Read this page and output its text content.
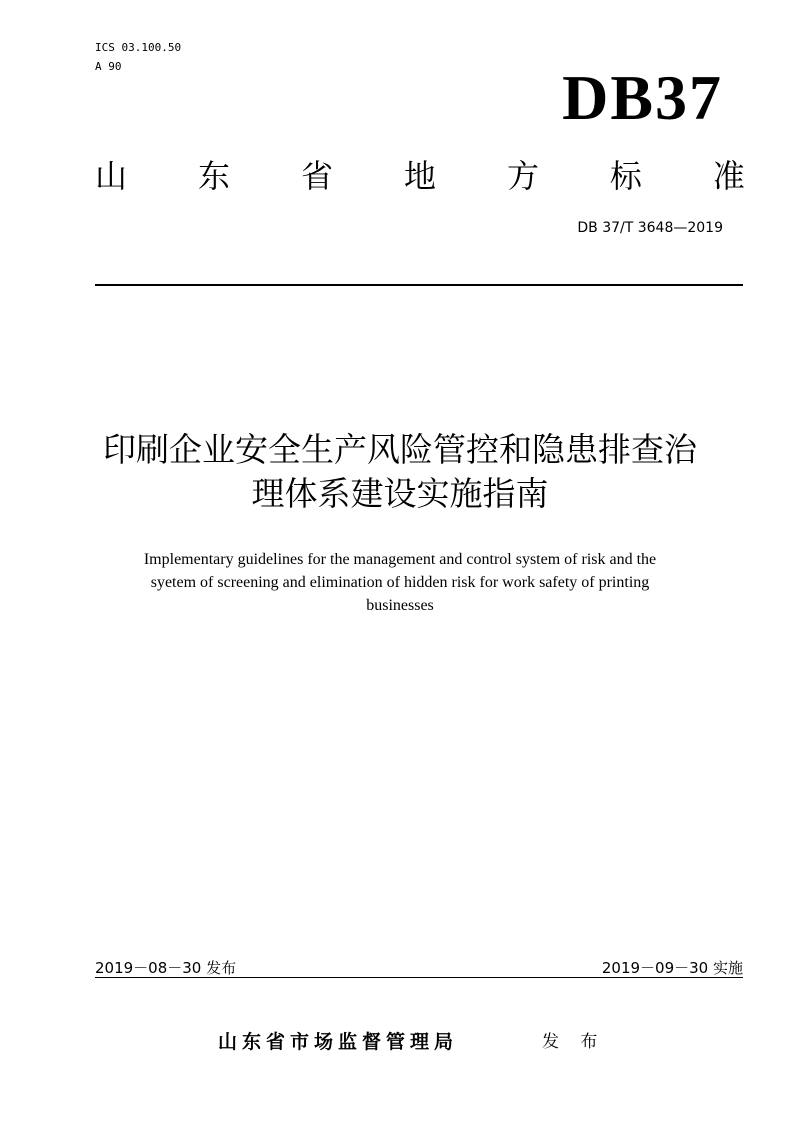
ICS 03.100.50
A 90	DB37
山 东 省 地 方 标 准
DB 37/T 3648—2019
印刷企业安全生产风险管控和隐患排查治
理体系建设实施指南
Implementary guidelines for the management and control system of risk and the
syetem of screening and elimination of hidden risk for work safety of printing
businesses
2019－08－30 发布	2019－09－30 实施
山东省市场监督管理局	发 布
